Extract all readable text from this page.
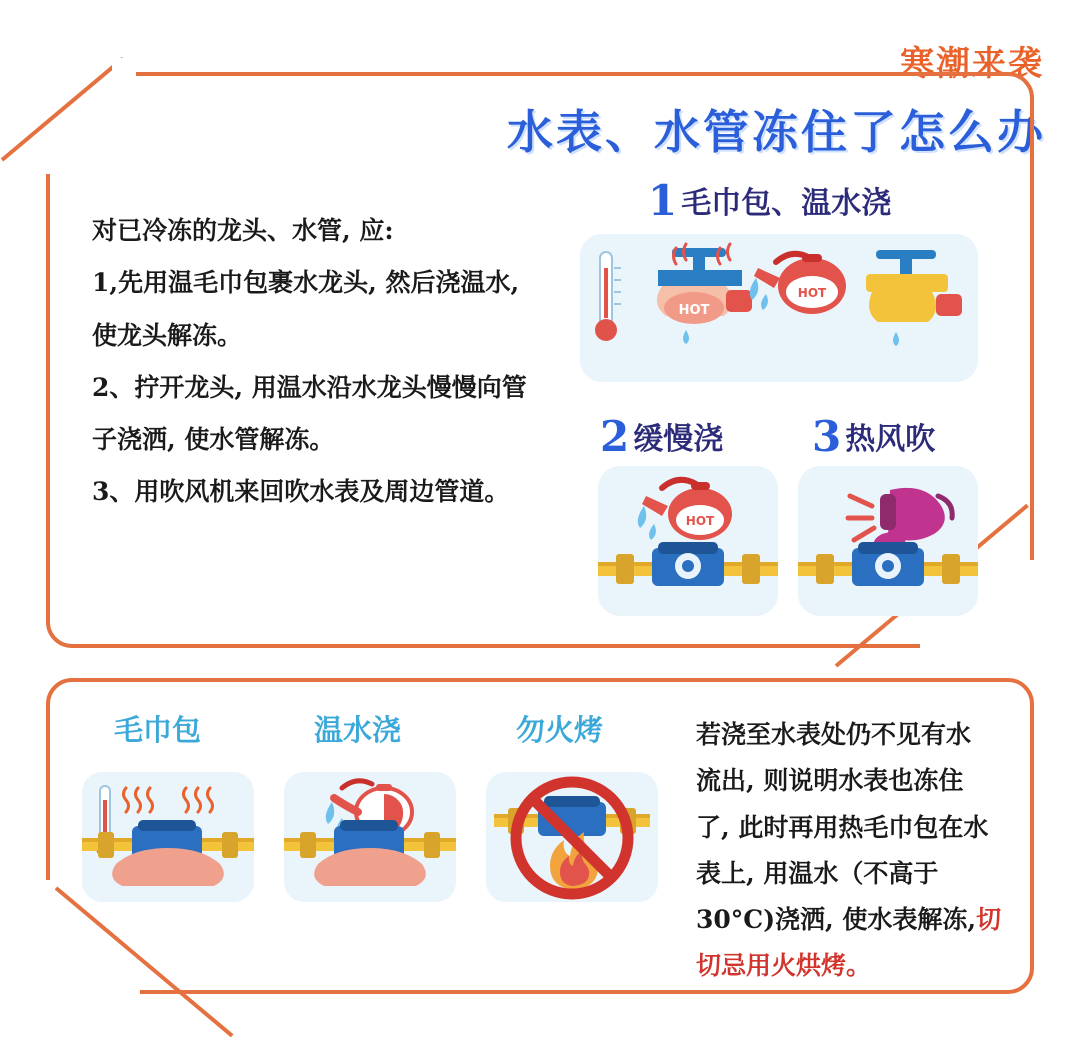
寒潮来袭
水表、水管冻住了怎么办

对已冷冻的龙头、水管, 应:

1,先用温毛巾包裹水龙头, 然后浇温水,

使龙头解冻。

2、拧开龙头, 用温水沿水龙头慢慢向管

子浇洒, 使水管解冻。

3、用吹风机来回吹水表及周边管道。

1 毛巾包、温水浇
2 缓慢浇 3 热风吹
HOT
HOT
HOT
毛巾包	温水浇	勿火烤	若浇至水表处仍不见有水
流出, 则说明水表也冻住
了, 此时再用热毛巾包在水
表上, 用温水（不高于
30°C)浇洒, 使水表解冻,切
切忌用火烘烤。
